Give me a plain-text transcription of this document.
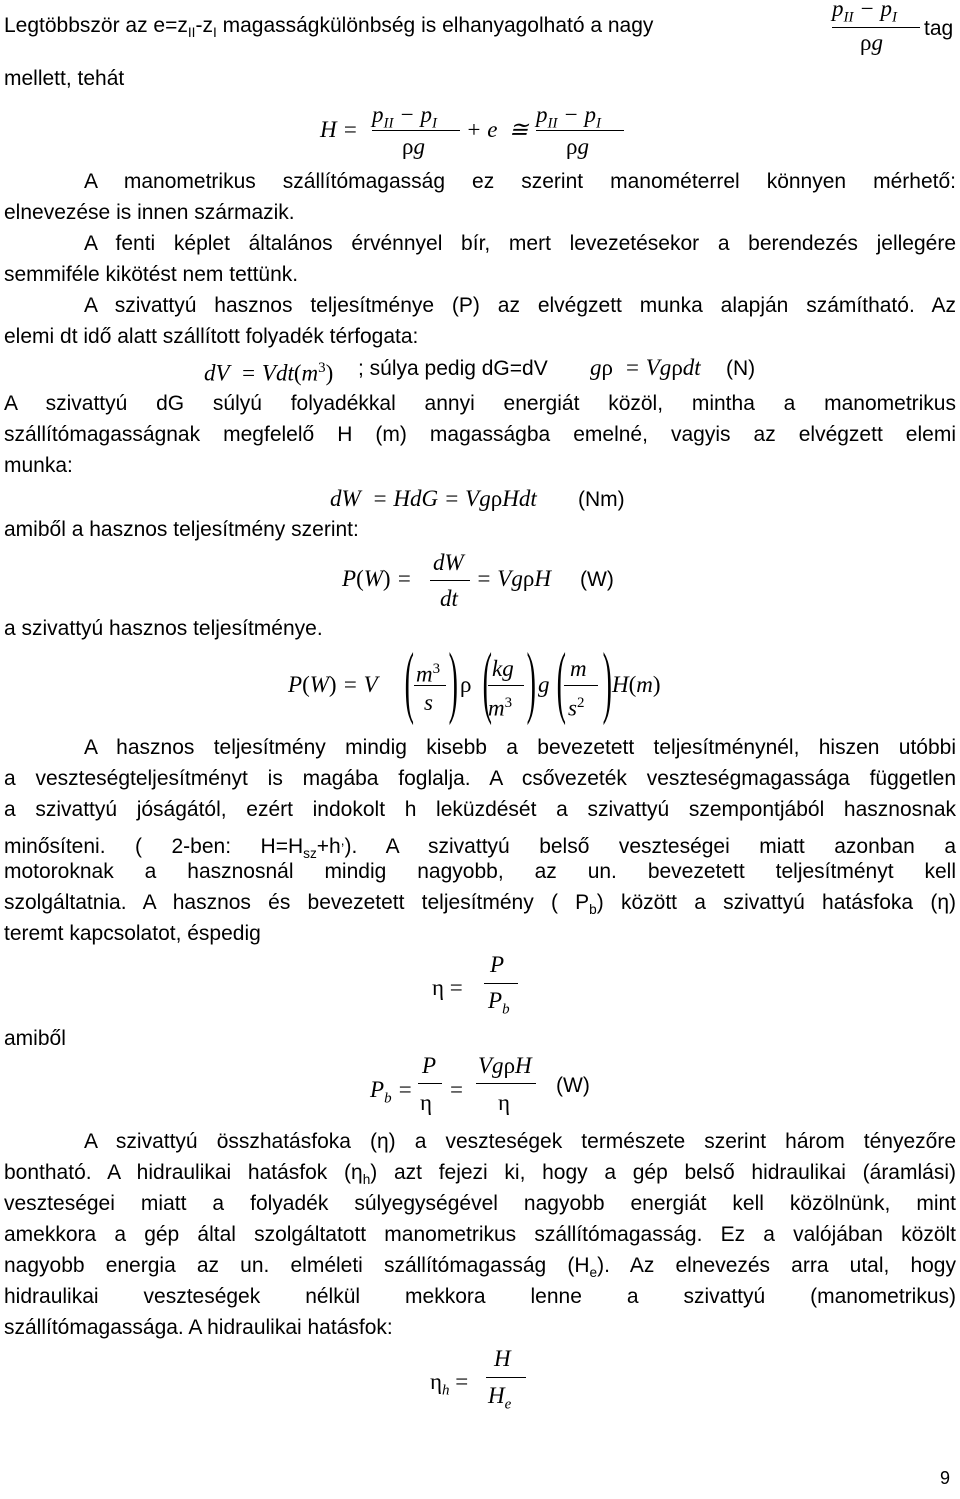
Legtöbbször az $e=z_{II}-z_I$ magasságkülönbség is elhanyagolható a nagy
$p_{II} - p_I$
ρg
tag
mellett, tehát
H =
$p_{II} - p_I$
ρg
+ e  ≅
$p_{II} - p_I$
ρg
A manometrikus szállítómagasság ez szerint manométerrel könnyen mérhető:
elnevezése is innen származik.
A fenti képlet általános érvénnyel bír, mert levezetésekor a berendezés jellegére
semmiféle kikötést nem tettünk.
A szivattyú hasznos teljesítménye (P) az elvégzett munka alapján számítható. Az
elemi dt idő alatt szállított folyadék térfogata:
dV  = $Vdt(m^3)$ ; súlya pedig dG=dV	gρ  = Vgρdt (N)
A szivattyú dG súlyú folyadékkal annyi energiát közöl, mintha a manometrikus
szállítómagasságnak megfelelő H (m) magasságba emelné, vagyis az elvégzett elemi
munka:
dW  = HdG = VgρHdt (Nm)
amiből a hasznos teljesítmény szerint:
P(W) =
dW
dt
= VgρH (W)
a szivattyú hasznos teljesítménye.
P(W) = V ( $m^3$
s ) ρ ( kg
$m^3$ ) g ( m
$s^2$ ) H(m)
A hasznos teljesítmény mindig kisebb a bevezetett teljesítménynél, hiszen utóbbi
a veszteségteljesítményt is magába foglalja. A csővezeték veszteségmagassága független
a szivattyú jóságától, ezért indokolt h leküzdését a szivattyú szempontjából hasznosnak
minősíteni. ( 2-ben: $H=H_{sz}+h^,$). A szivattyú belső veszteségei miatt azonban a
motoroknak a hasznosnál mindig nagyobb, az un. bevezetett teljesítményt kell
szolgáltatnia. A hasznos és bevezetett teljesítmény ( $P_b$) között a szivattyú hatásfoka (η)
teremt kapcsolatot, éspedig
η =
P
$P_b$
amiből
$P_b$ =
P
η
=
VgρH
η
(W)
A szivattyú összhatásfoka (η) a veszteségek természete szerint három tényezőre
bontható. A hidraulikai hatásfok $(\eta_h)$ azt fejezi ki, hogy a gép belső hidraulikai (áramlási)
veszteségei miatt a folyadék súlyegységével nagyobb energiát kell közölnünk, mint
amekkora a gép által szolgáltatott manometrikus szállítómagasság. Ez a valójában közölt
nagyobb energia az un. elméleti szállítómagasság $(H_e)$. Az elnevezés arra utal, hogy
hidraulikai veszteségek nélkül mekkora lenne a szivattyú (manometrikus)
szállítómagassága. A hidraulikai hatásfok:
$\eta_h$ =
H
$H_e$
9
